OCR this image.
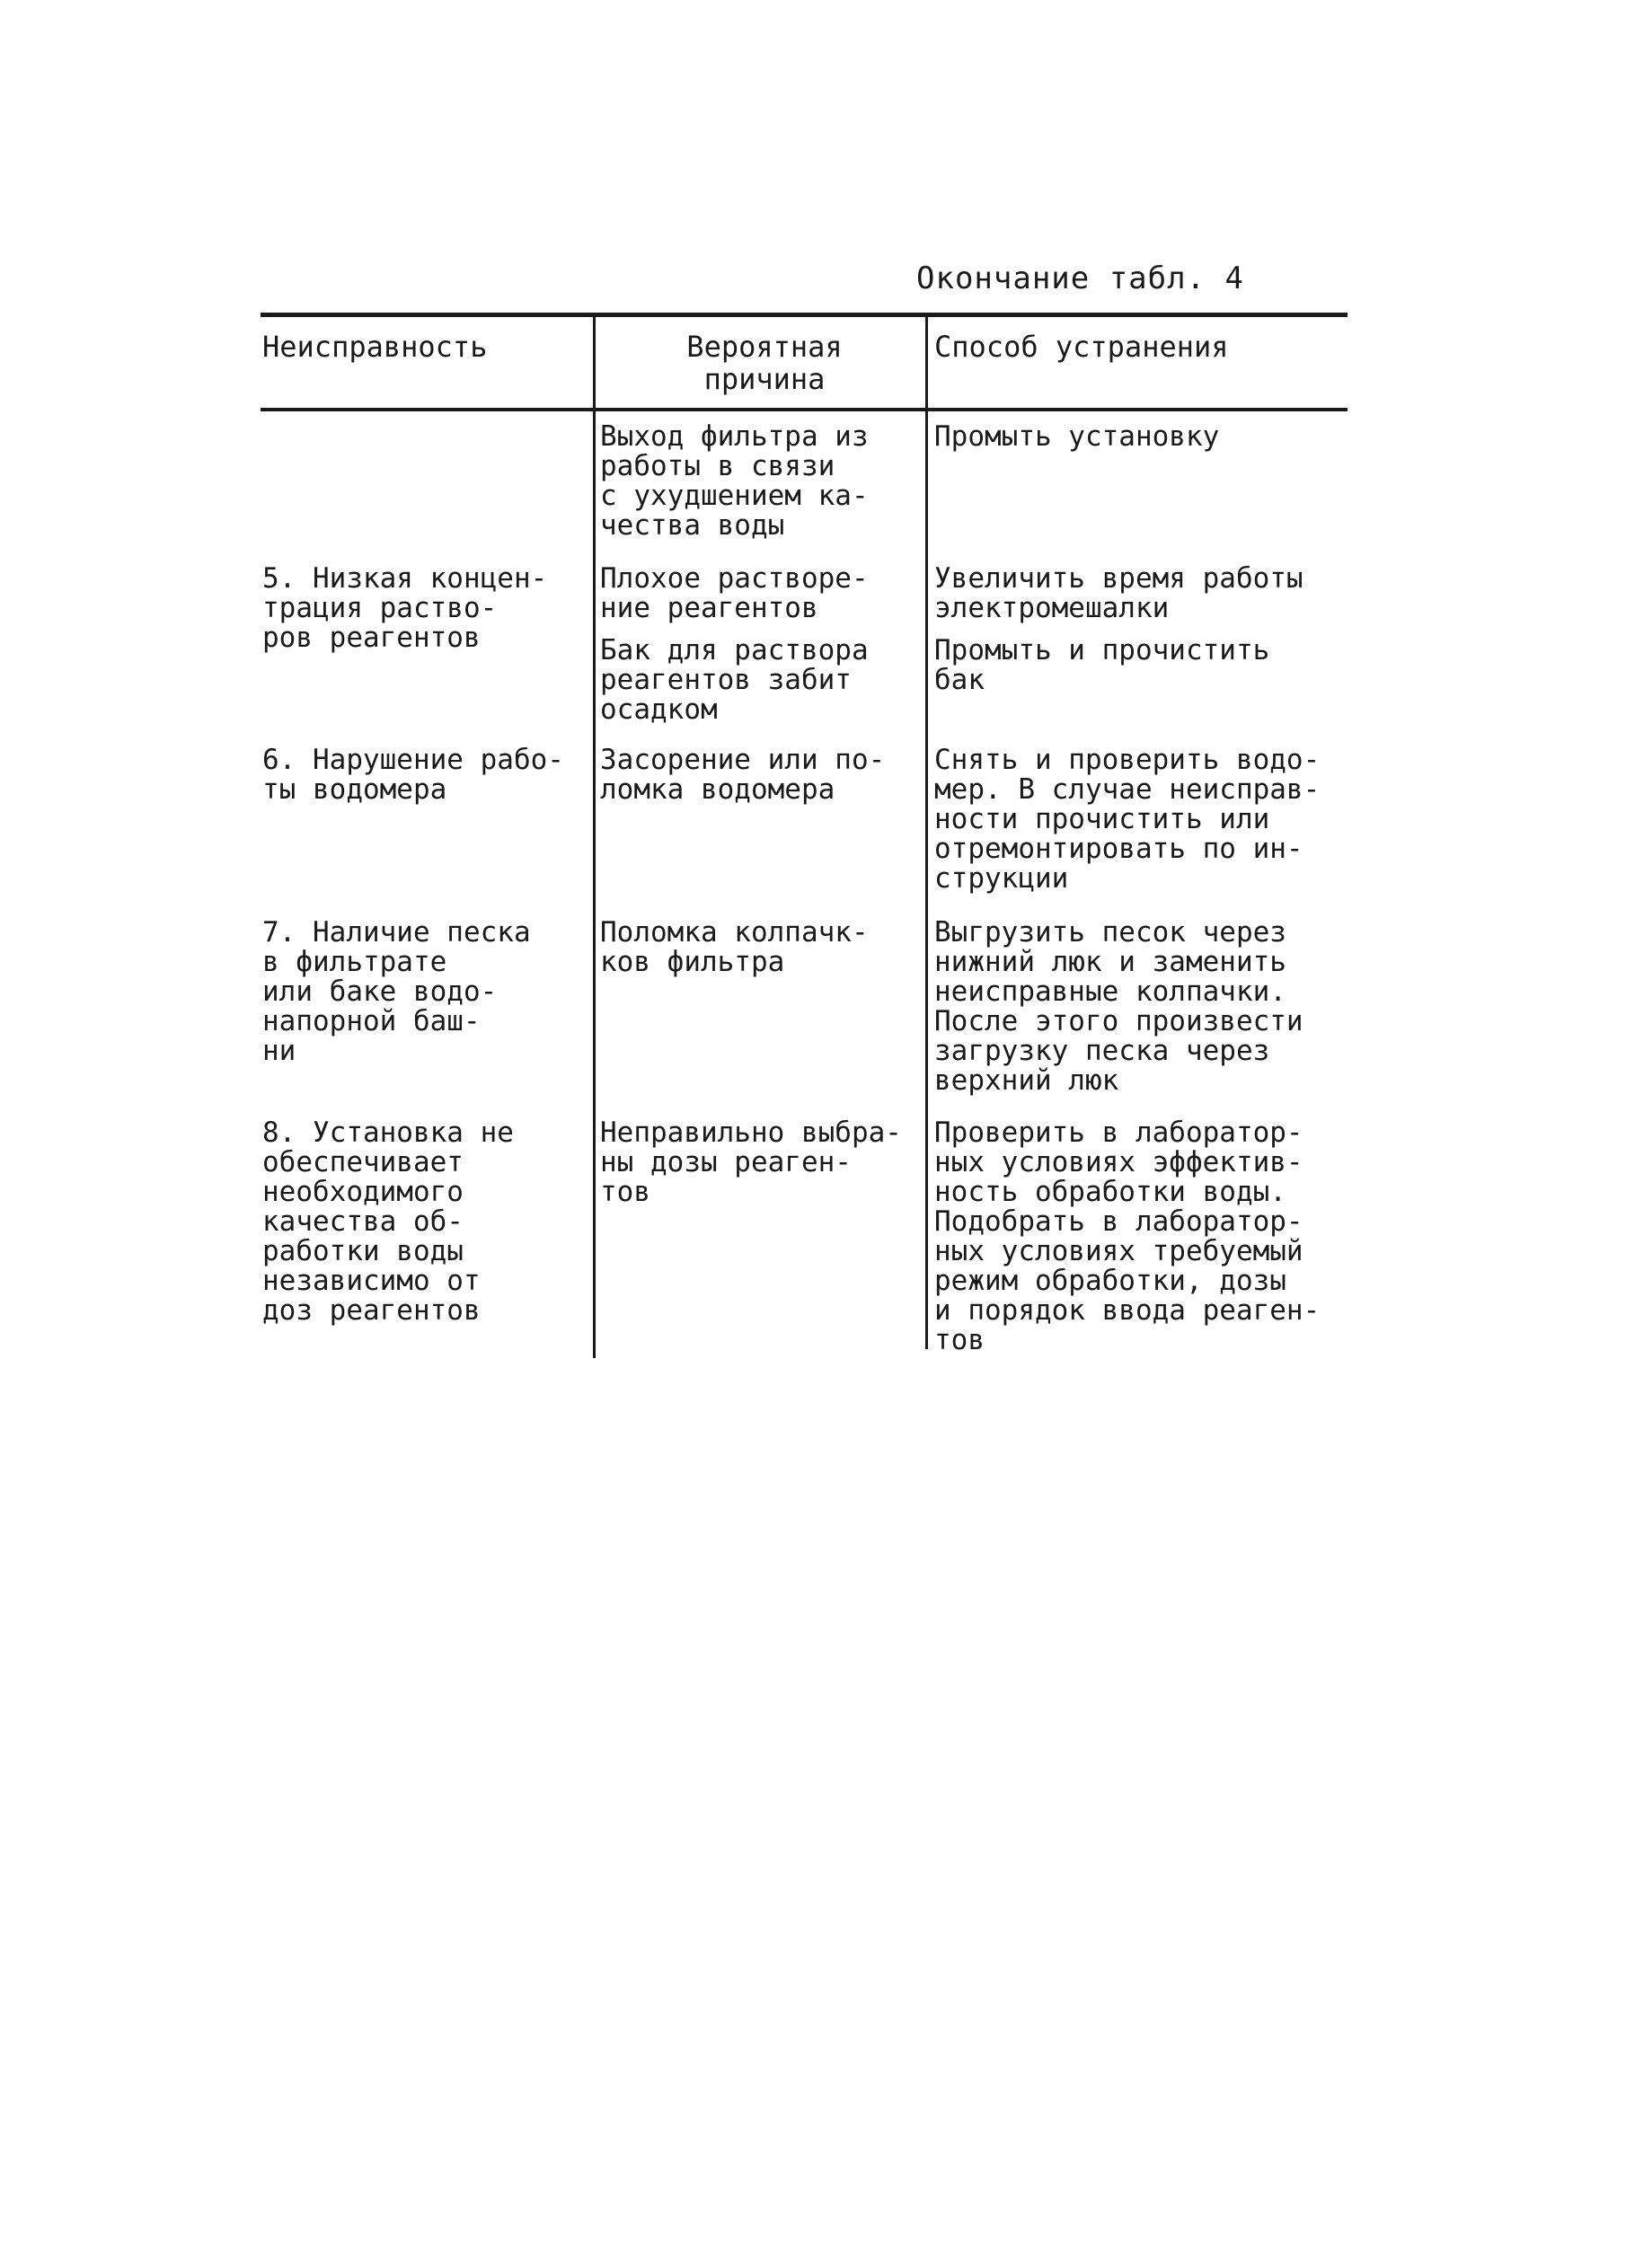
Окончание табл. 4
Неисправность	Вероятная
причина
Способ устранения
Выход фильтра из
работы в связи
с ухудшением ка-
чества воды
Промыть установку
5. Низкая концен-
трация раство-
ров реагентов
Плохое растворе-
ние реагентов
Увеличить время работы
электромешалки
Бак для раствора
реагентов забит
осадком
Промыть и прочистить
бак
6. Нарушение рабо-
ты водомера
Засорение или по-
ломка водомера
Снять и проверить водо-
мер. В случае неисправ-
ности прочистить или
отремонтировать по ин-
струкции
7. Наличие песка
в фильтрате
или баке водо-
напорной баш-
ни
Поломка колпачк-
ков фильтра
Выгрузить песок через
нижний люк и заменить
неисправные колпачки.
После этого произвести
загрузку песка через
верхний люк
8. Установка не
обеспечивает
необходимого
качества об-
работки воды
независимо от
доз реагентов
Неправильно выбра-
ны дозы реаген-
тов
Проверить в лаборатор-
ных условиях эффектив-
ность обработки воды.
Подобрать в лаборатор-
ных условиях требуемый
режим обработки, дозы
и порядок ввода реаген-
тов
